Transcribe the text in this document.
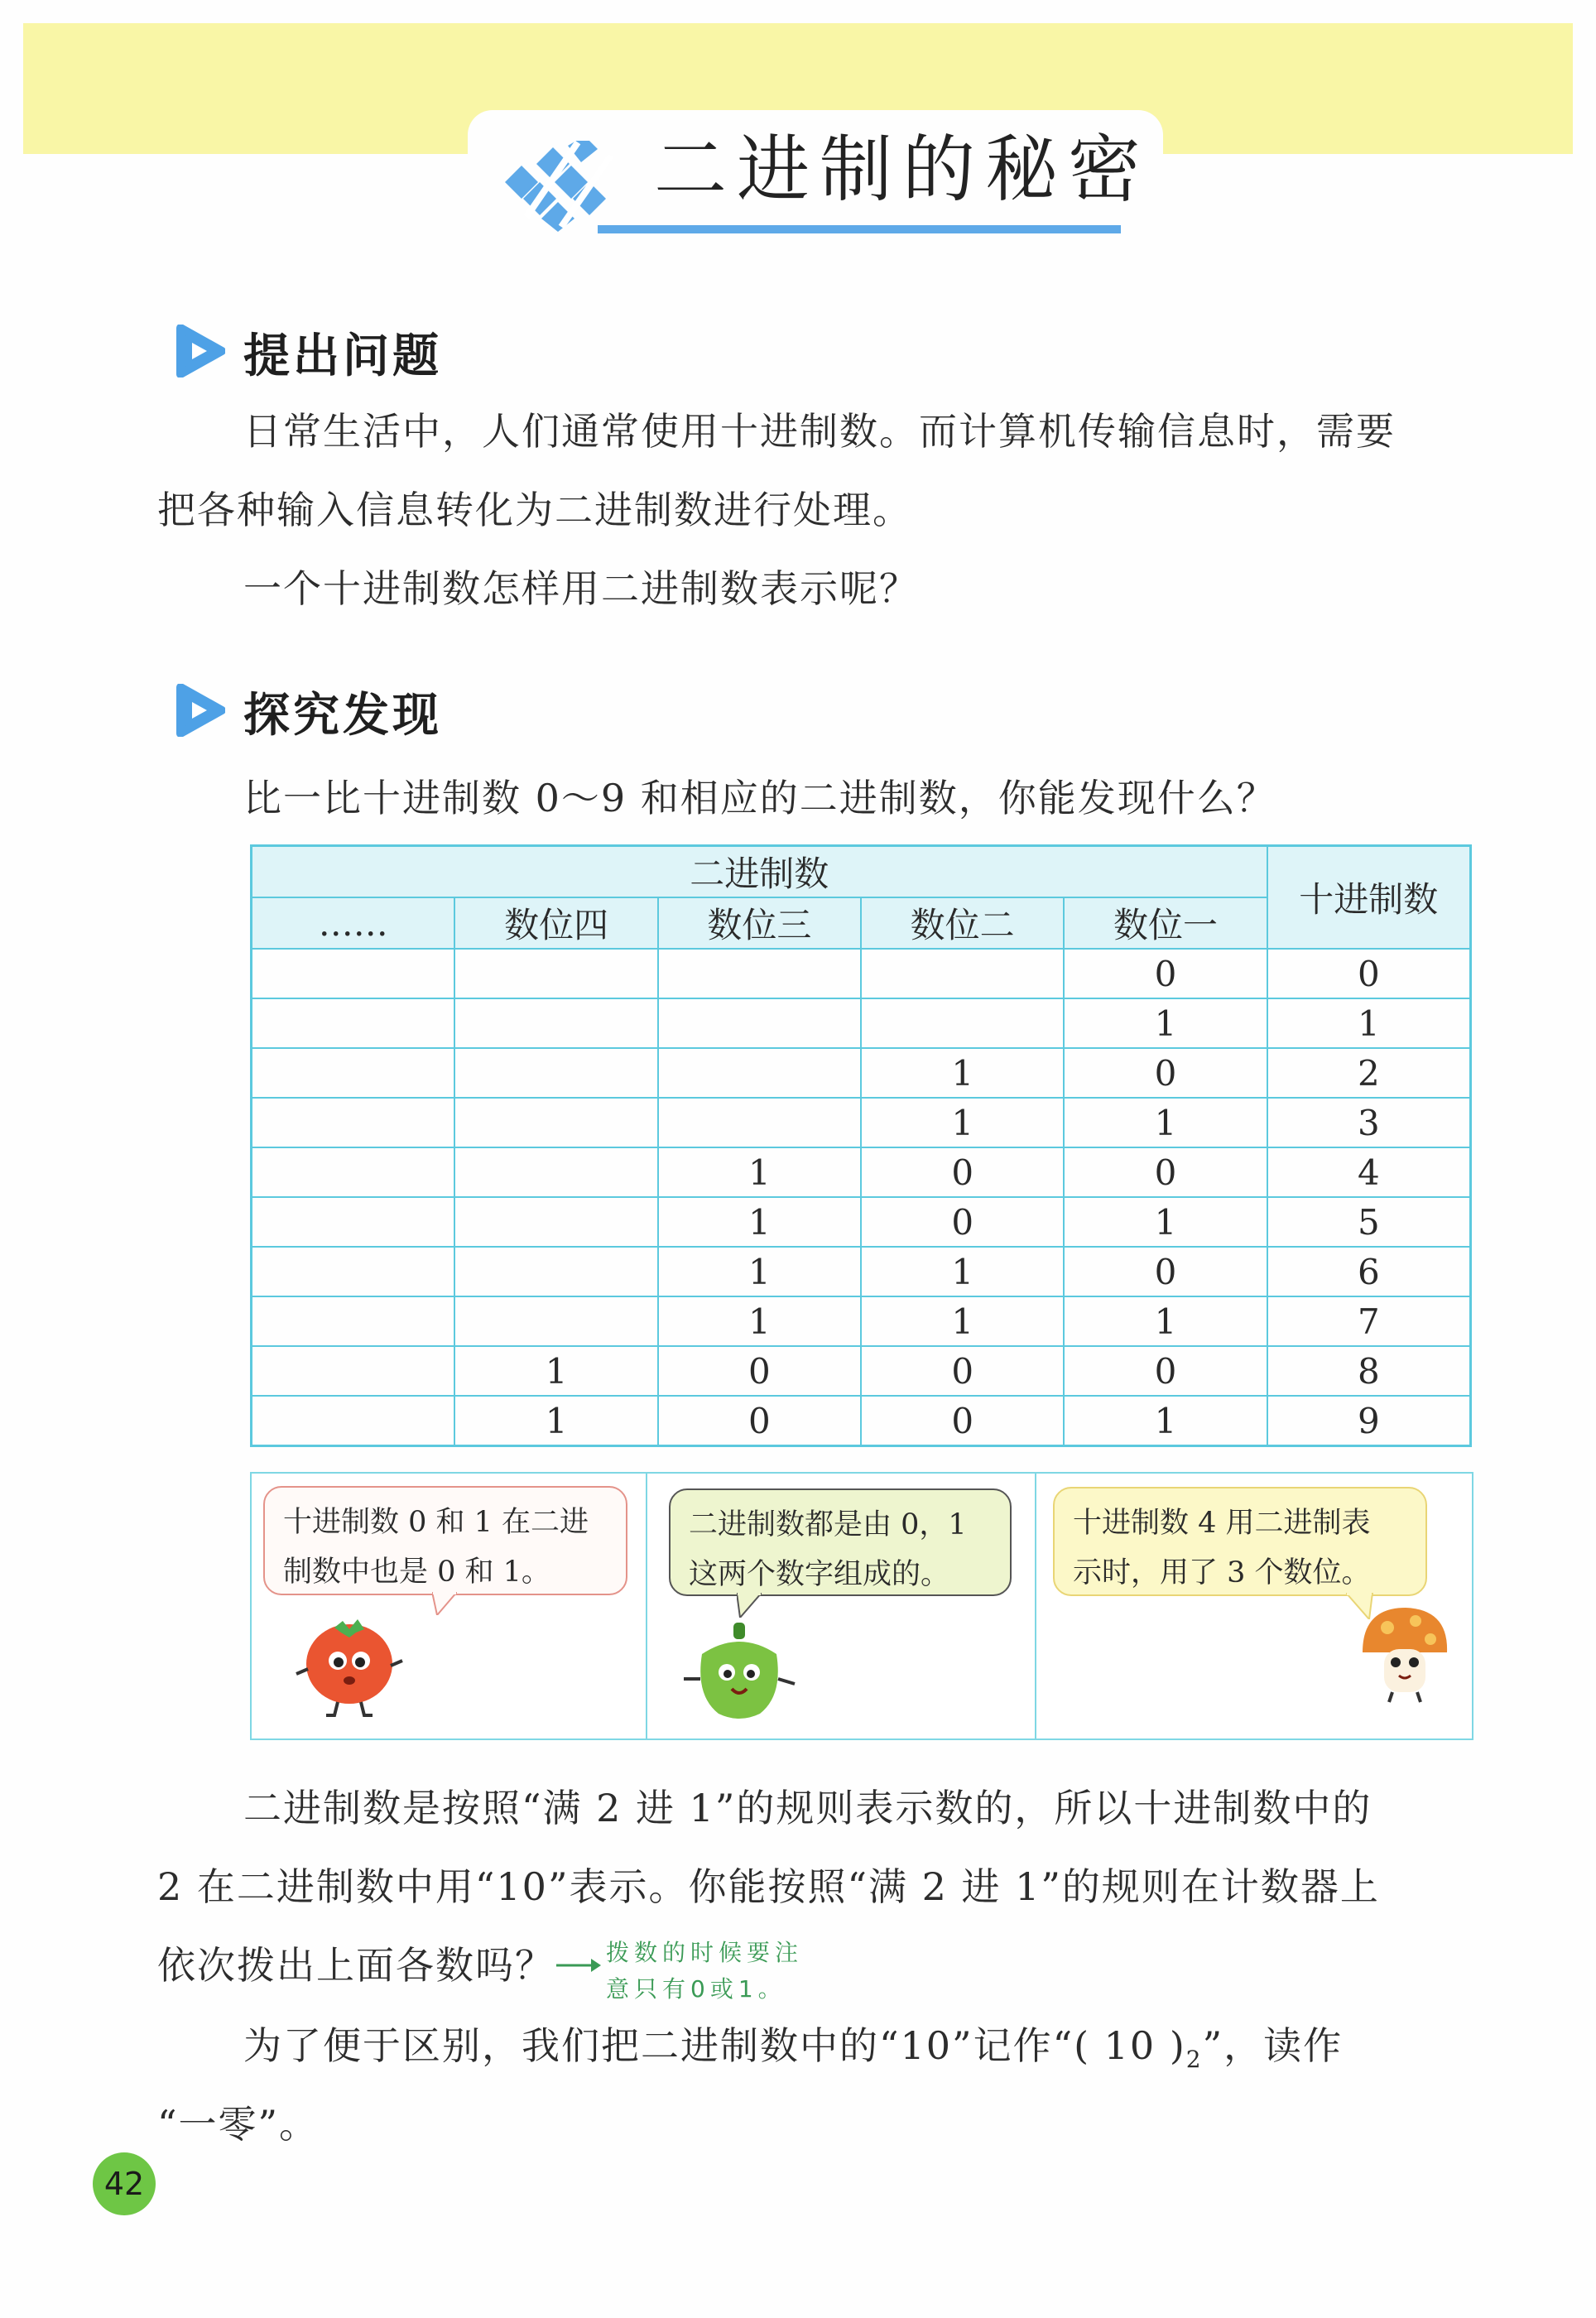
二进制的秘密
提出问题
日常生活中，人们通常使用十进制数。而计算机传输信息时，需要
把各种输入信息转化为二进制数进行处理。
一个十进制数怎样用二进制数表示呢？
探究发现
比一比十进制数 0～9 和相应的二进制数，你能发现什么？
二进制数					十进制数
……	数位四	数位三	数位二	数位一	
				0	0
				1	1
			1	0	2
			1	1	3
		1	0	0	4
		1	0	1	5
		1	1	0	6
		1	1	1	7
	1	0	0	0	8
	1	0	0	1	9
十进制数 0 和 1 在二进
制数中也是 0 和 1。
二进制数都是由 0，1
这两个数字组成的。
十进制数 4 用二进制表
示时，用了 3 个数位。
二进制数是按照“满 2 进 1”的规则表示数的，所以十进制数中的
2 在二进制数中用“10”表示。你能按照“满 2 进 1”的规则在计数器上
依次拨出上面各数吗？ 拨数的时候要注
意只有0或1。
为了便于区别，我们把二进制数中的“10”记作“( 10 )$_2$”，读作
“一零”。
42
